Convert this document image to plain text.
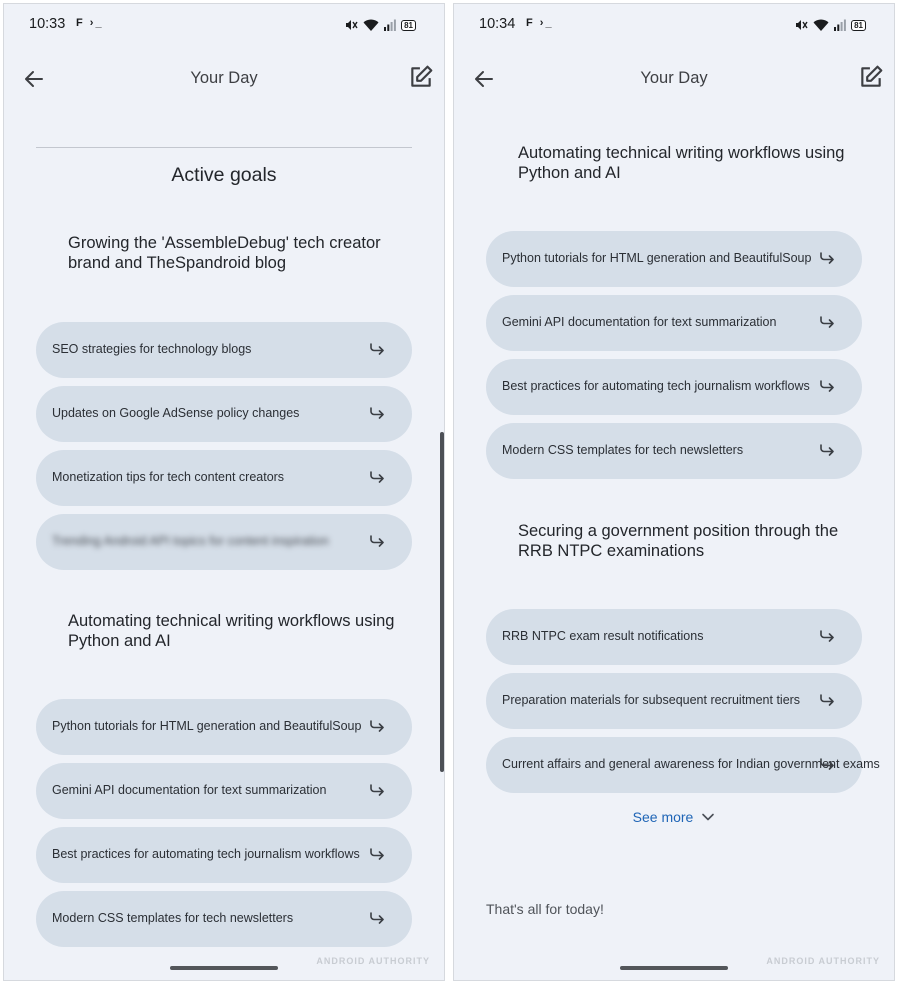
10:33 F ›_	81
Your Day
Active goals
Growing the 'AssembleDebug' tech creator brand and TheSpandroid blog
SEO strategies for technology blogs
Updates on Google AdSense policy changes
Monetization tips for tech content creators
Trending Android API topics for content inspiration
Automating technical writing workflows using Python and AI
Python tutorials for HTML generation and BeautifulSoup
Gemini API documentation for text summarization
Best practices for automating tech journalism workflows
Modern CSS templates for tech newsletters
ANDROID AUTHORITY
10:34 F ›_	81
Your Day
Automating technical writing workflows using Python and AI
Python tutorials for HTML generation and BeautifulSoup
Gemini API documentation for text summarization
Best practices for automating tech journalism workflows
Modern CSS templates for tech newsletters
Securing a government position through the RRB NTPC examinations
RRB NTPC exam result notifications
Preparation materials for subsequent recruitment tiers
Current affairs and general awareness for Indian government exams
See more
That's all for today!
ANDROID AUTHORITY
